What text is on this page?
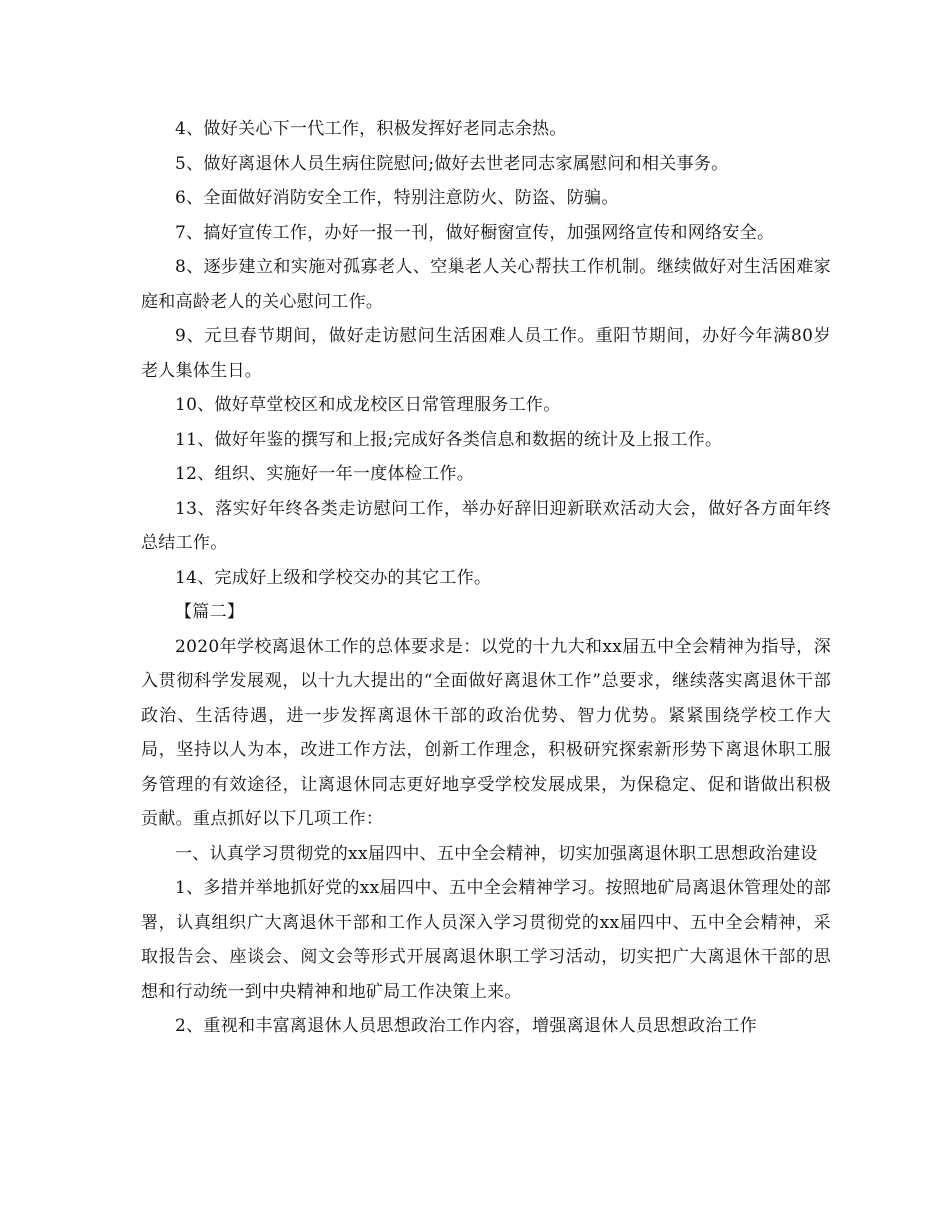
4、做好关心下一代工作，积极发挥好老同志余热。

5、做好离退休人员生病住院慰问;做好去世老同志家属慰问和相关事务。

6、全面做好消防安全工作，特别注意防火、防盗、防骗。

7、搞好宣传工作，办好一报一刊，做好橱窗宣传，加强网络宣传和网络安全。

8、逐步建立和实施对孤寡老人、空巢老人关心帮扶工作机制。继续做好对生活困难家庭和高龄老人的关心慰问工作。

9、元旦春节期间，做好走访慰问生活困难人员工作。重阳节期间，办好今年满80岁老人集体生日。

10、做好草堂校区和成龙校区日常管理服务工作。

11、做好年鉴的撰写和上报;完成好各类信息和数据的统计及上报工作。

12、组织、实施好一年一度体检工作。

13、落实好年终各类走访慰问工作，举办好辞旧迎新联欢活动大会，做好各方面年终总结工作。

14、完成好上级和学校交办的其它工作。

【篇二】

2020年学校离退休工作的总体要求是：以党的十九大和xx届五中全会精神为指导，深入贯彻科学发展观，以十九大提出的“全面做好离退休工作”总要求，继续落实离退休干部政治、生活待遇，进一步发挥离退休干部的政治优势、智力优势。紧紧围绕学校工作大局，坚持以人为本，改进工作方法，创新工作理念，积极研究探索新形势下离退休职工服务管理的有效途径，让离退休同志更好地享受学校发展成果，为保稳定、促和谐做出积极贡献。重点抓好以下几项工作：

一、认真学习贯彻党的xx届四中、五中全会精神，切实加强离退休职工思想政治建设

1、多措并举地抓好党的xx届四中、五中全会精神学习。按照地矿局离退休管理处的部署，认真组织广大离退休干部和工作人员深入学习贯彻党的xx届四中、五中全会精神，采取报告会、座谈会、阅文会等形式开展离退休职工学习活动，切实把广大离退休干部的思想和行动统一到中央精神和地矿局工作决策上来。

2、重视和丰富离退休人员思想政治工作内容，增强离退休人员思想政治工作
